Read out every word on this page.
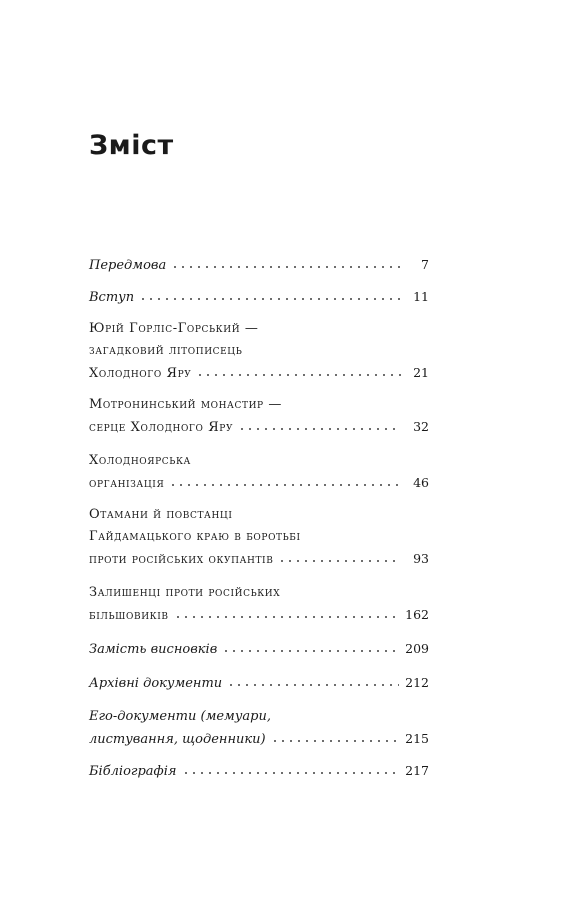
Зміст
Передмова	7
Вступ	11
Юрій Горліс-Горський —
загадковий літописець
Холодного Яру	21
Мотронинський монастир —
серце Холодного Яру	32
Холодноярська
організація	46
Отамани й повстанці
Гайдамацького краю в боротьбі
проти російських окупантів	93
Залишенці проти російських
більшовиків	162
Замість висновків	209
Архівні документи	212
Его-документи (мемуари,
листування, щоденники)	215
Бібліографія	217
